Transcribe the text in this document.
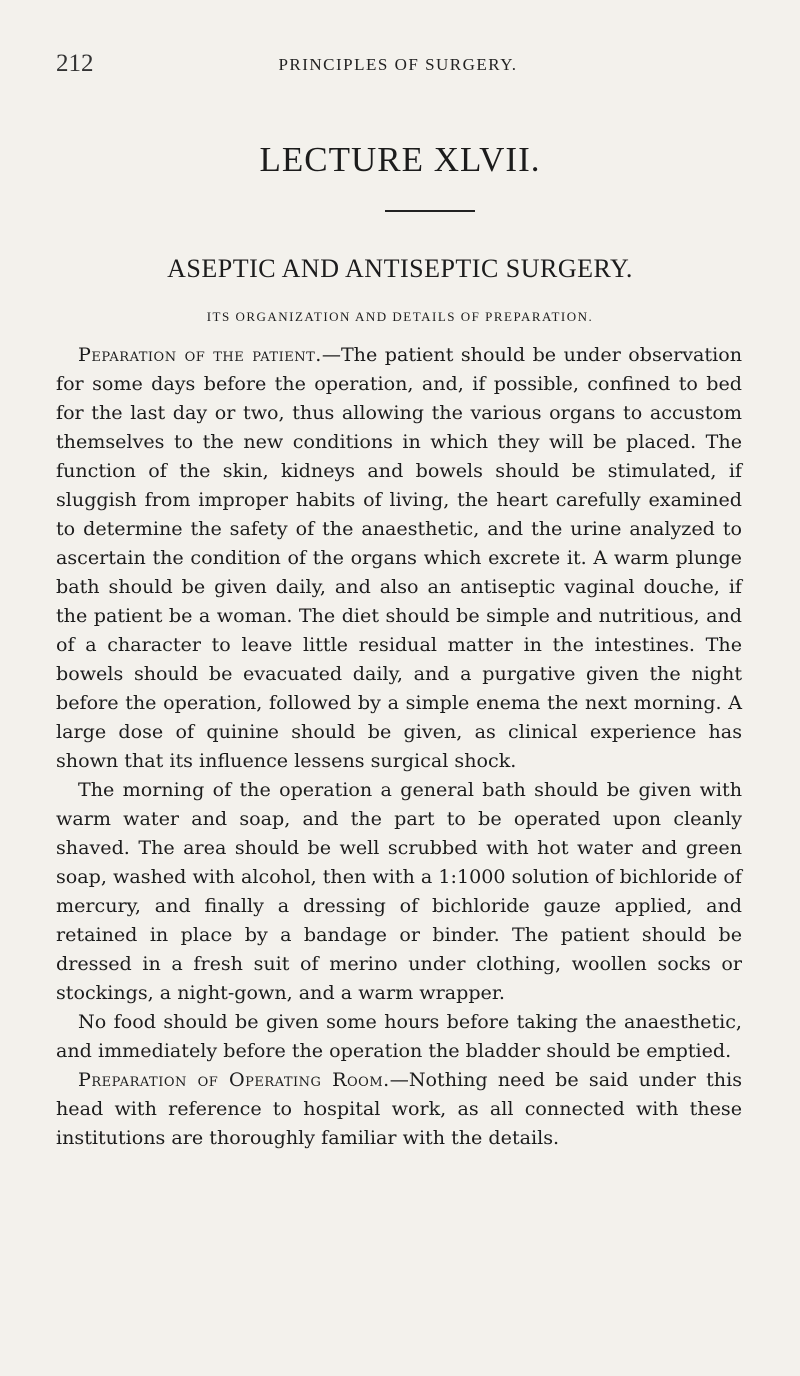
212	PRINCIPLES OF SURGERY.
LECTURE XLVII.
ASEPTIC AND ANTISEPTIC SURGERY.
ITS ORGANIZATION AND DETAILS OF PREPARATION.

Peparation of the patient.—The patient should be under observation for some days before the operation, and, if possible, confined to bed for the last day or two, thus allowing the various organs to accustom themselves to the new conditions in which they will be placed. The function of the skin, kidneys and bowels should be stimulated, if sluggish from improper habits of living, the heart carefully examined to determine the safety of the anaesthetic, and the urine analyzed to ascertain the condition of the organs which excrete it. A warm plunge bath should be given daily, and also an antiseptic vaginal douche, if the patient be a woman. The diet should be simple and nutritious, and of a character to leave little residual matter in the intestines. The bowels should be evacuated daily, and a purgative given the night before the operation, followed by a simple enema the next morning. A large dose of quinine should be given, as clinical experience has shown that its influence lessens surgical shock.

The morning of the operation a general bath should be given with warm water and soap, and the part to be operated upon cleanly shaved. The area should be well scrubbed with hot water and green soap, washed with alcohol, then with a 1:1000 solution of bichloride of mercury, and finally a dressing of bichloride gauze applied, and retained in place by a bandage or binder. The patient should be dressed in a fresh suit of merino under clothing, woollen socks or stockings, a night-gown, and a warm wrapper.

No food should be given some hours before taking the anaesthetic, and immediately before the operation the bladder should be emptied.

Preparation of Operating Room.—Nothing need be said under this head with reference to hospital work, as all connected with these institutions are thoroughly familiar with the details.
